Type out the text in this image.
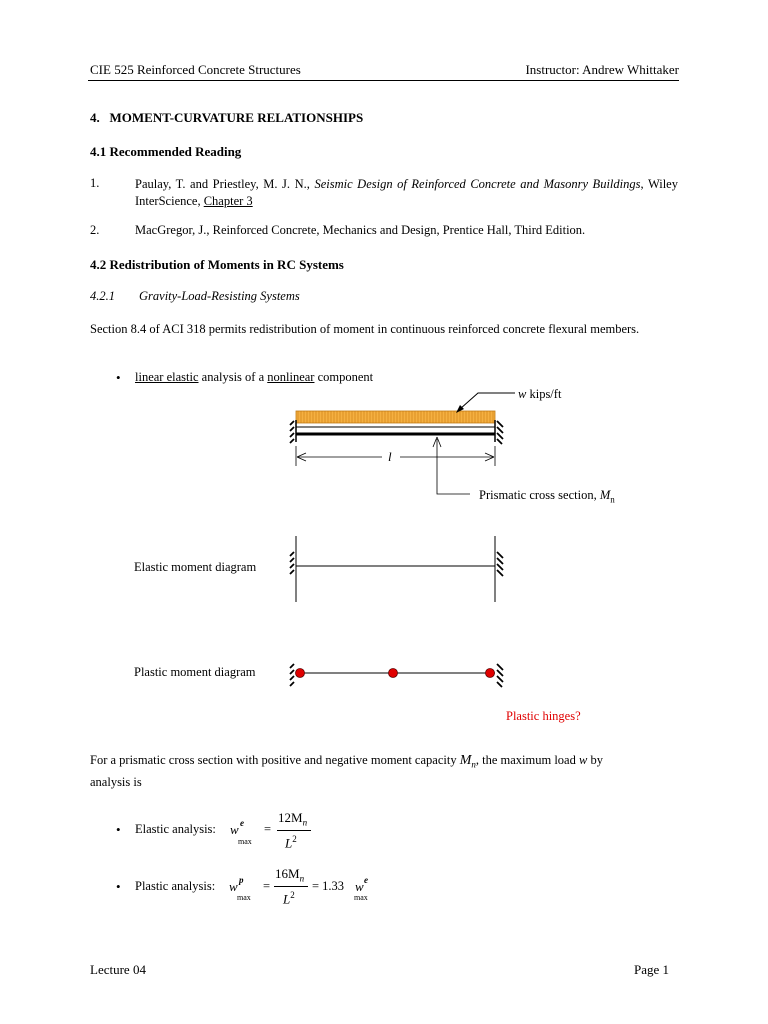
CIE 525 Reinforced Concrete Structures	Instructor: Andrew Whittaker
4. MOMENT-CURVATURE RELATIONSHIPS
4.1 Recommended Reading
1.	Paulay, T. and Priestley, M. J. N., Seismic Design of Reinforced Concrete and Masonry Buildings, Wiley InterScience, Chapter 3
2.	MacGregor, J., Reinforced Concrete, Mechanics and Design, Prentice Hall, Third Edition.
4.2 Redistribution of Moments in RC Systems
4.2.1 Gravity-Load-Resisting Systems
Section 8.4 of ACI 318 permits redistribution of moment in continuous reinforced concrete flexural members.
• linear elastic analysis of a nonlinear component
l
w kips/ft
Prismatic cross section, $M_n$
Elastic moment diagram
Plastic moment diagram
Plastic hinges?
For a prismatic cross section with positive and negative moment capacity $M_n$, the maximum load w by
analysis is
• Elastic analysis: w e
max
=
$12M_n$
$L^2$
• Plastic analysis: w p
max
=
$16M_n$
$L^2$
= 1.33 w e
max
Lecture 04	Page 1
